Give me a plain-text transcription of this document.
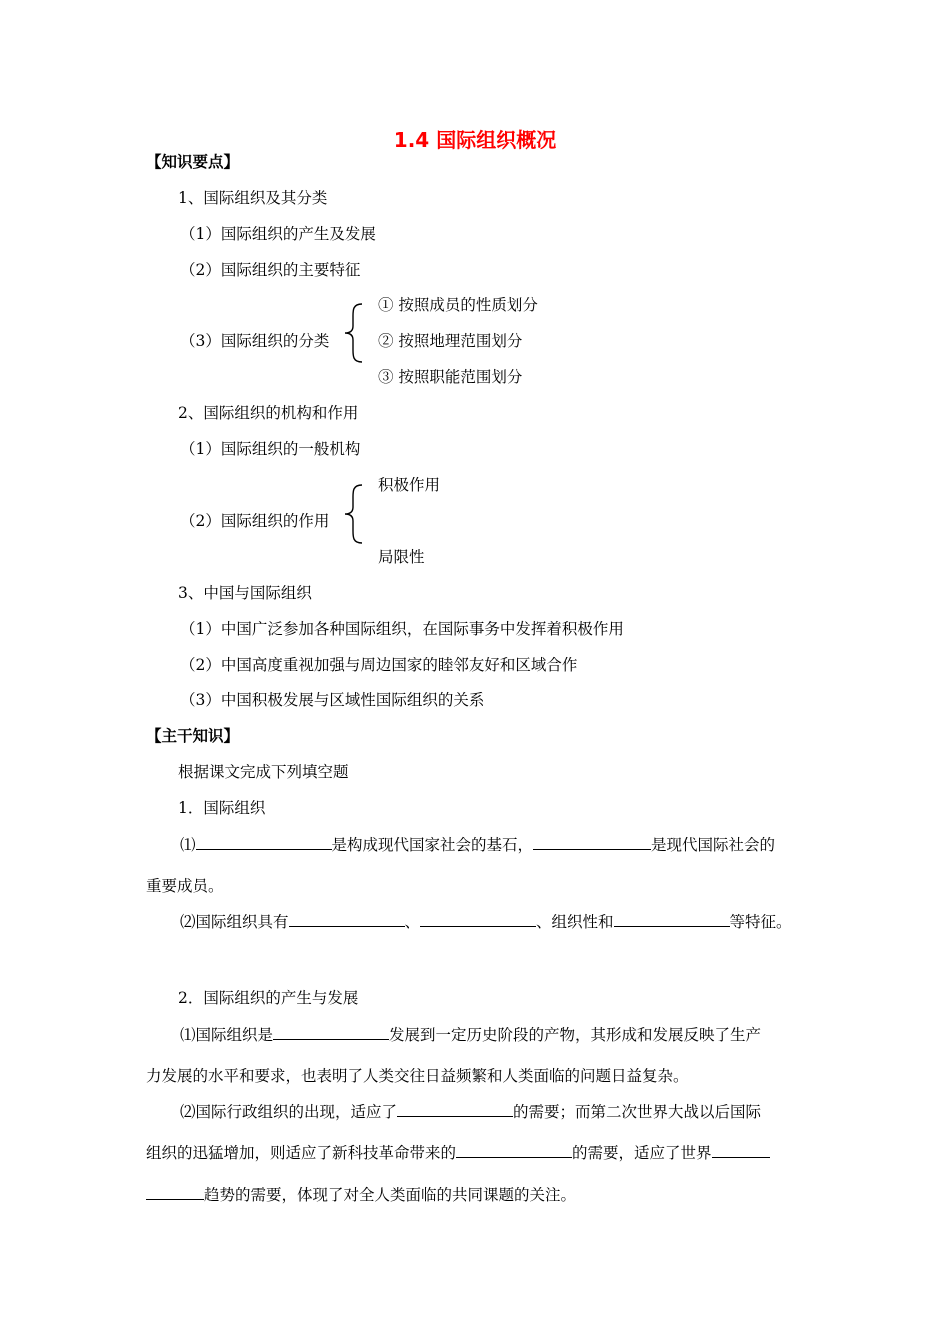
1.4 国际组织概况
【知识要点】
1、国际组织及其分类
（1）国际组织的产生及发展
（2）国际组织的主要特征
（3）国际组织的分类
① 按照成员的性质划分
② 按照地理范围划分
③ 按照职能范围划分
2、国际组织的机构和作用
（1）国际组织的一般机构
（2）国际组织的作用
积极作用
局限性
3、中国与国际组织
（1）中国广泛参加各种国际组织，在国际事务中发挥着积极作用
（2）中国高度重视加强与周边国家的睦邻友好和区域合作
（3）中国积极发展与区域性国际组织的关系
【主干知识】
根据课文完成下列填空题
1．国际组织
⑴	是构成现代国家社会的基石，	是现代国际社会的
重要成员。
⑵国际组织具有	、	、组织性和	等特征。
2．国际组织的产生与发展
⑴国际组织是	发展到一定历史阶段的产物，其形成和发展反映了生产
力发展的水平和要求，也表明了人类交往日益频繁和人类面临的问题日益复杂。
⑵国际行政组织的出现，适应了	的需要；而第二次世界大战以后国际
组织的迅猛增加，则适应了新科技革命带来的	的需要，适应了世界
趋势的需要，体现了对全人类面临的共同课题的关注。
